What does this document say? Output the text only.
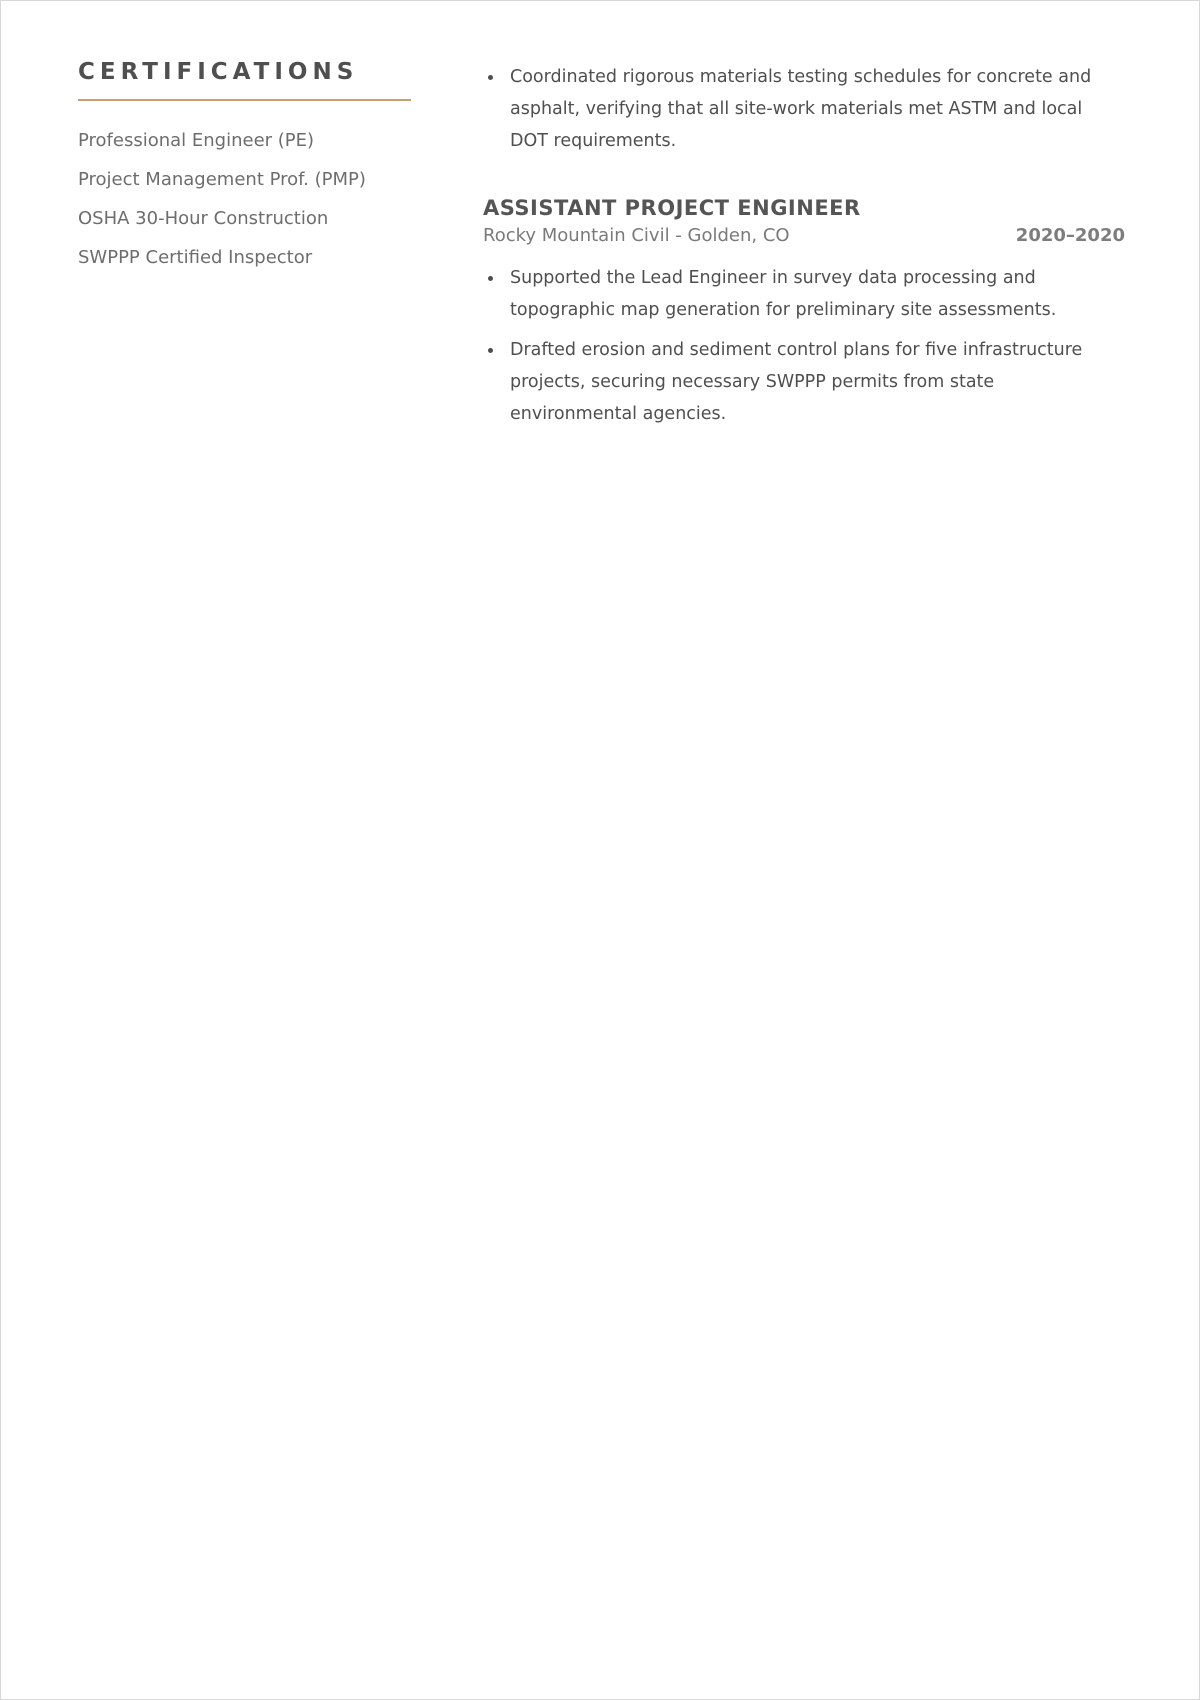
CERTIFICATIONS
Professional Engineer (PE)
Project Management Prof. (PMP)
OSHA 30-Hour Construction
SWPPP Certified Inspector
Coordinated rigorous materials testing schedules for concrete and asphalt, verifying that all site-work materials met ASTM and local DOT requirements.
ASSISTANT PROJECT ENGINEER
Rocky Mountain Civil - Golden, CO	2020–2020
Supported the Lead Engineer in survey data processing and topographic map generation for preliminary site assessments.
Drafted erosion and sediment control plans for five infrastructure projects, securing necessary SWPPP permits from state environmental agencies.
